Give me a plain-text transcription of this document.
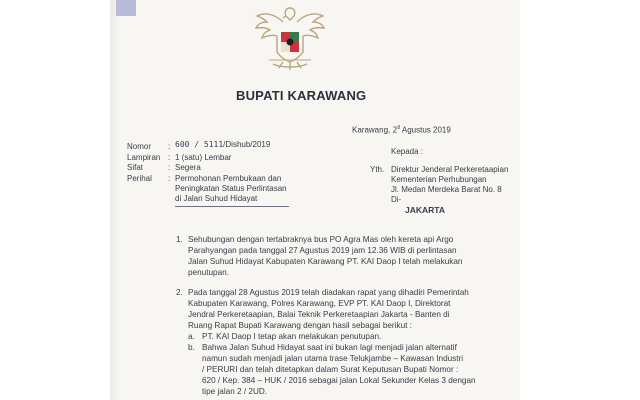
BUPATI KARAWANG
Karawang, $2^8$ Agustus 2019
Nomor : 600 / 5111/Dishub/2019
Lampiran : 1 (satu) Lembar
Sifat	: Segera
Perihal : Permohonan Pembukaan dan
Peningkatan Status Perlintasan
di Jalan Suhud Hidayat
Kepada :
Yth. Direktur Jenderal Perkeretaapian
Kementerian Perhubungan
Jl. Medan Merdeka Barat No. 8
Di-
JAKARTA
1. Sehubungan dengan tertabraknya bus PO Agra Mas oleh kereta api Argo
Parahyangan pada tanggal 27 Agustus 2019 jam 12.36 WIB di perlintasan
Jalan Suhud Hidayat Kabupaten Karawang PT. KAI Daop I telah melakukan
penutupan.
2. Pada tanggal 28 Agustus 2019 telah diadakan rapat yang dihadiri Pemerintah
Kabupaten Karawang, Polres Karawang, EVP PT. KAI Daop I, Direktorat
Jendral Perkeretaapian, Balai Teknik Perkeretaapian Jakarta - Banten di
Ruang Rapat Bupati Karawang dengan hasil sebagai berikut :
a. PT. KAI Daop I tetap akan melakukan penutupan.
b. Bahwa Jalan Suhud Hidayat saat ini bukan lagi menjadi jalan alternatif
namun sudah menjadi jalan utama trase Telukjambe – Kawasan Industri
/ PERURI dan telah ditetapkan dalam Surat Keputusan Bupati Nomor :
620 / Kep. 384 – HUK / 2016 sebagai jalan Lokal Sekunder Kelas 3 dengan
tipe jalan 2 / 2UD.
